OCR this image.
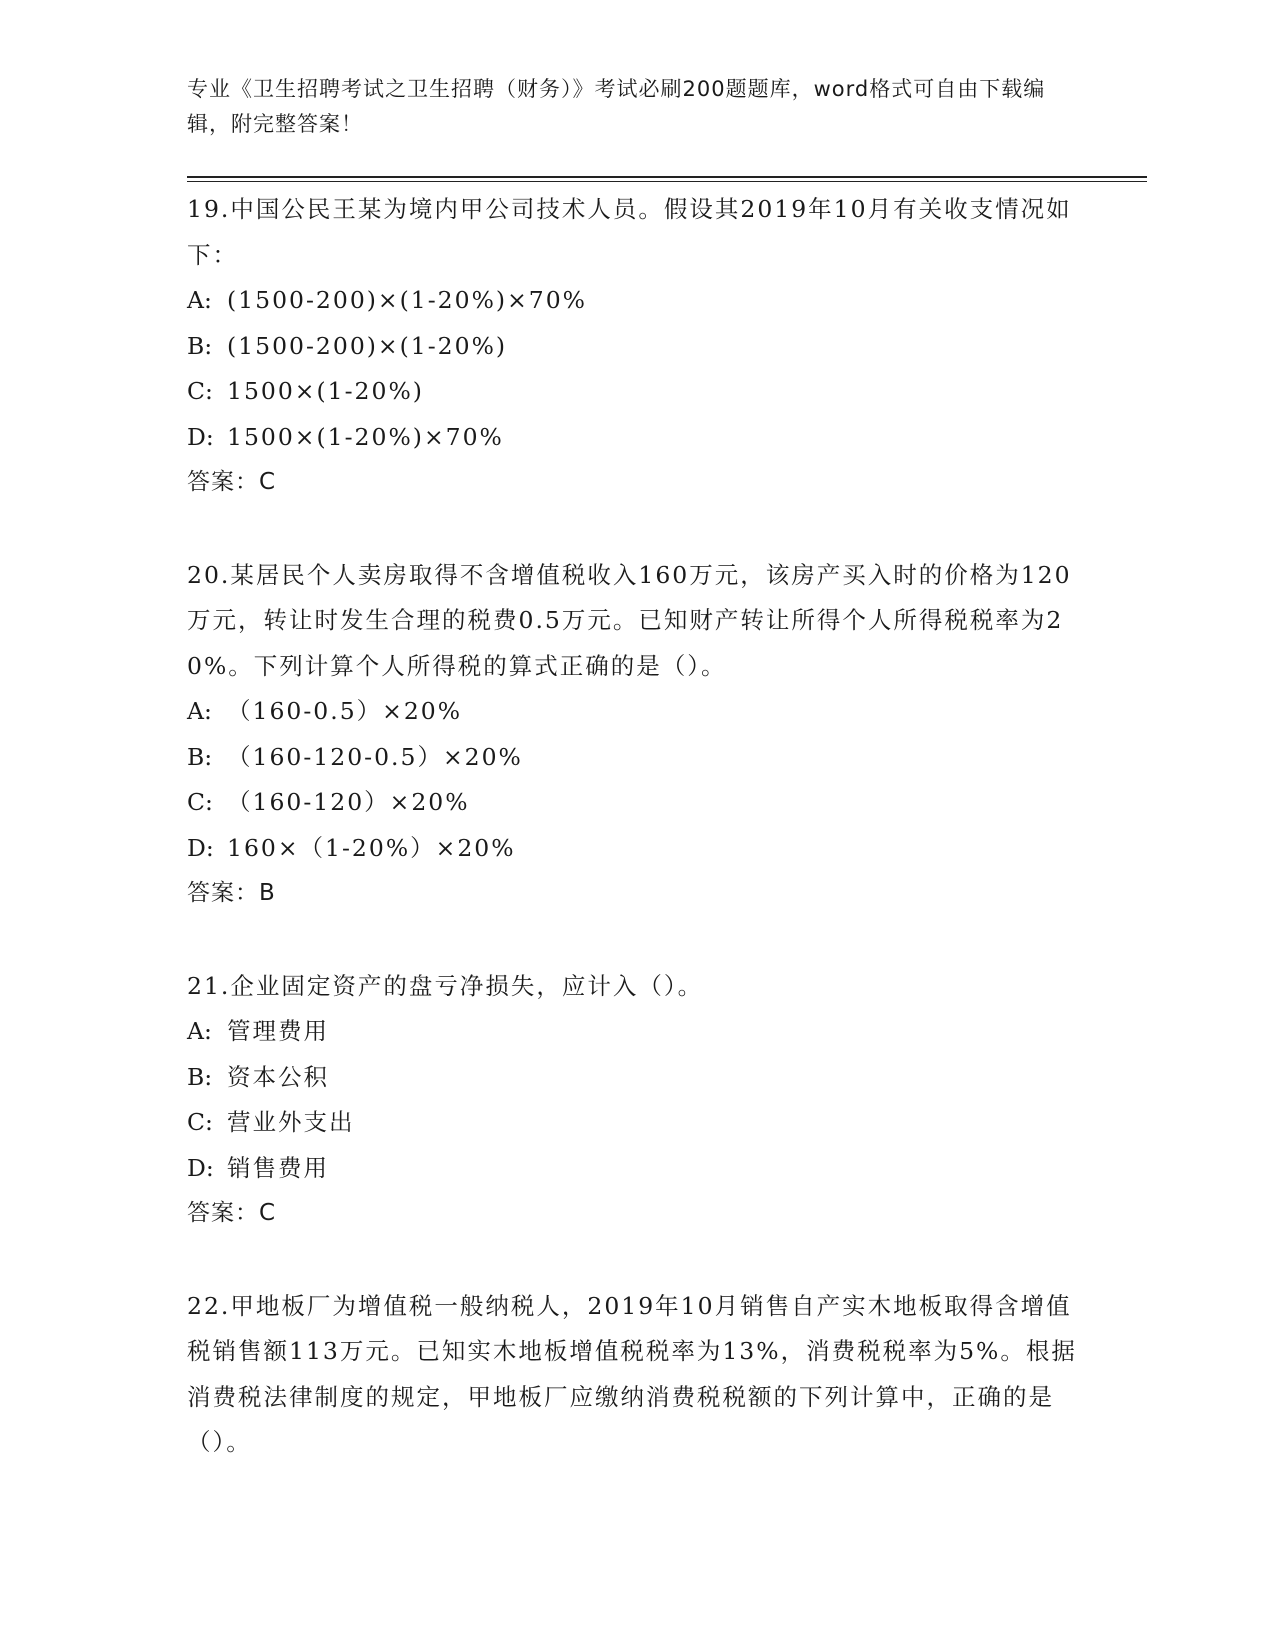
专业《卫生招聘考试之卫生招聘（财务）》考试必刷200题题库，word格式可自由下载编辑，附完整答案！
19.中国公民王某为境内甲公司技术人员。假设其2019年10月有关收支情况如下：
A: (1500-200)×(1-20%)×70%
B: (1500-200)×(1-20%)
C: 1500×(1-20%)
D: 1500×(1-20%)×70%
答案：C
20.某居民个人卖房取得不含增值税收入160万元，该房产买入时的价格为120万元，转让时发生合理的税费0.5万元。已知财产转让所得个人所得税税率为20%。下列计算个人所得税的算式正确的是（）。
A: （160-0.5）×20%
B: （160-120-0.5）×20%
C: （160-120）×20%
D: 160×（1-20%）×20%
答案：B
21.企业固定资产的盘亏净损失，应计入（）。
A: 管理费用
B: 资本公积
C: 营业外支出
D: 销售费用
答案：C
22.甲地板厂为增值税一般纳税人，2019年10月销售自产实木地板取得含增值税销售额113万元。已知实木地板增值税税率为13%，消费税税率为5%。根据消费税法律制度的规定，甲地板厂应缴纳消费税税额的下列计算中，正确的是（）。
